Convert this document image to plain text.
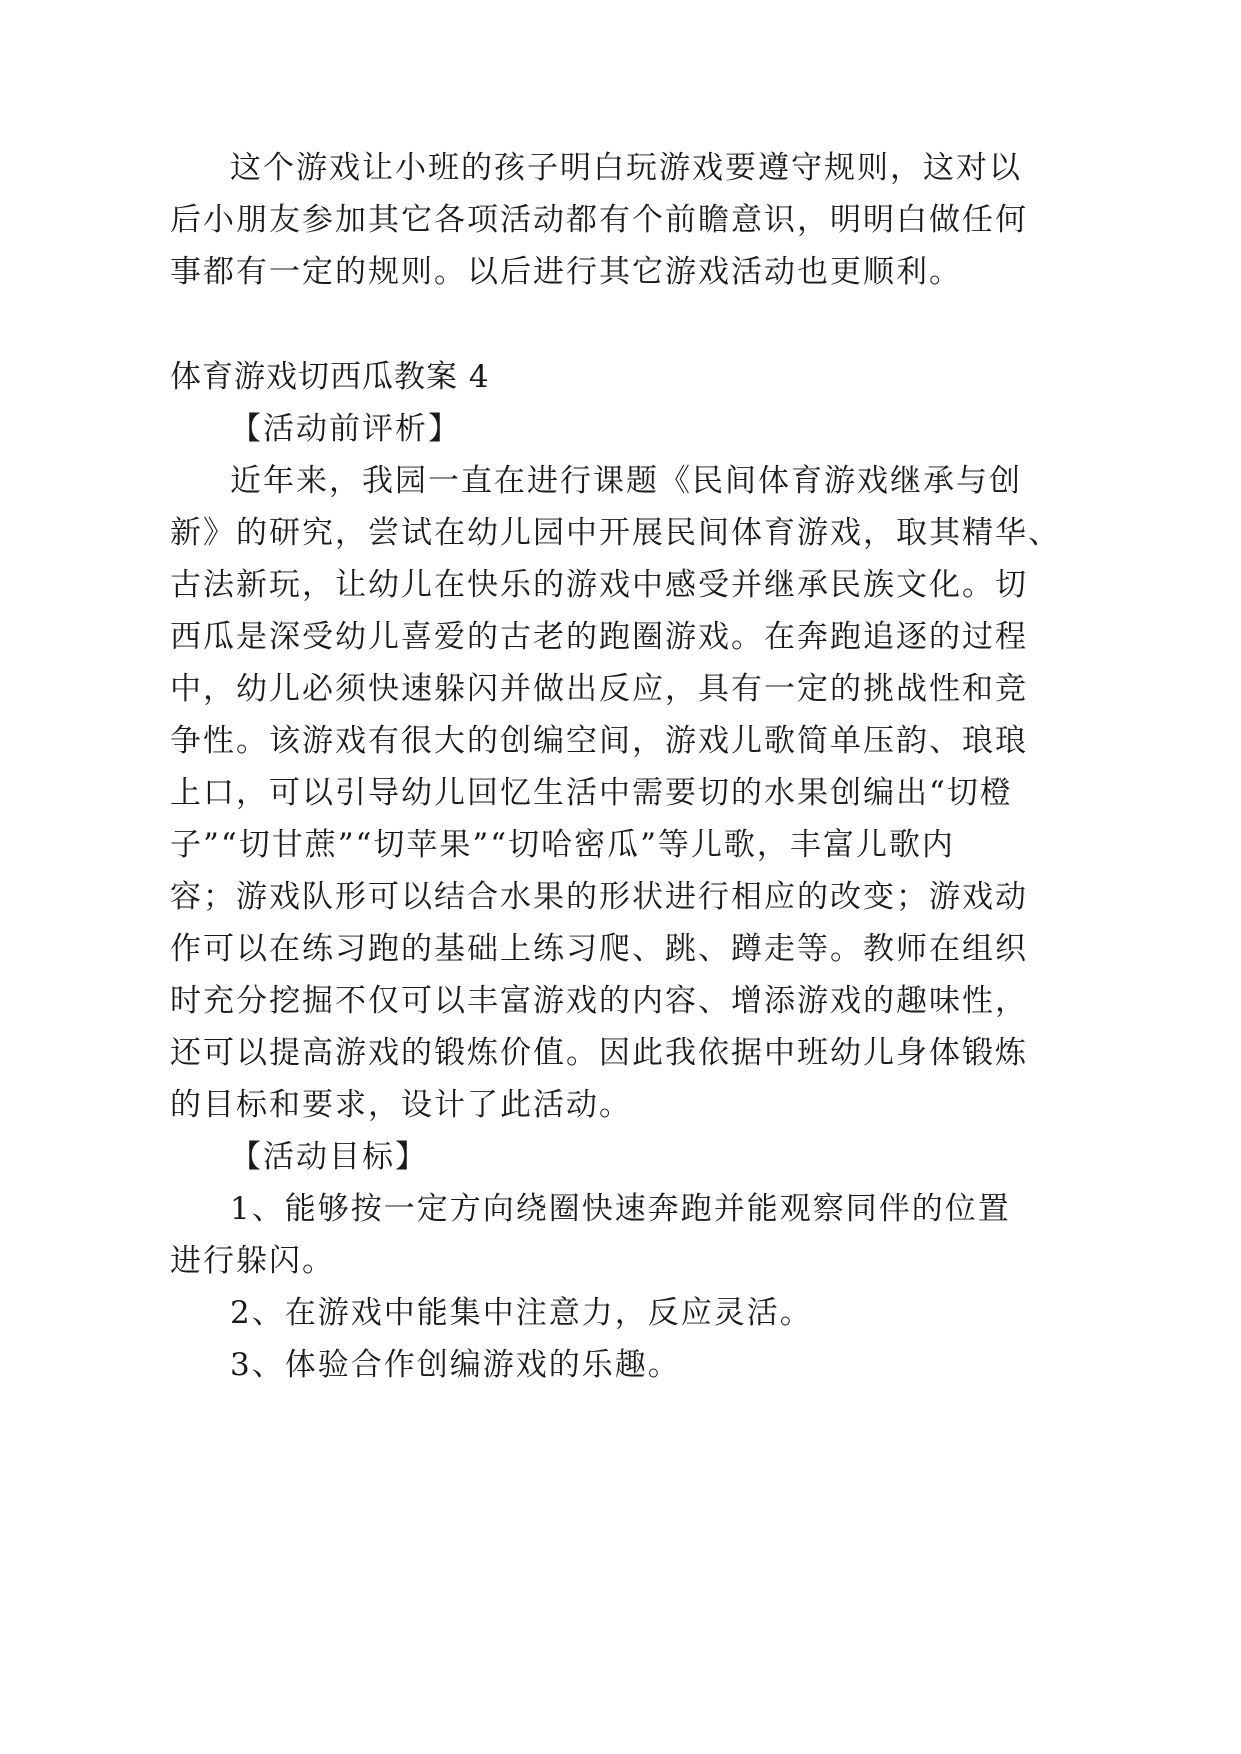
这个游戏让小班的孩子明白玩游戏要遵守规则，这对以
后小朋友参加其它各项活动都有个前瞻意识，明明白做任何
事都有一定的规则。以后进行其它游戏活动也更顺利。
体育游戏切西瓜教案 4
【活动前评析】
近年来，我园一直在进行课题《民间体育游戏继承与创
新》的研究，尝试在幼儿园中开展民间体育游戏，取其精华、
古法新玩，让幼儿在快乐的游戏中感受并继承民族文化。切
西瓜是深受幼儿喜爱的古老的跑圈游戏。在奔跑追逐的过程
中，幼儿必须快速躲闪并做出反应，具有一定的挑战性和竞
争性。该游戏有很大的创编空间，游戏儿歌简单压韵、琅琅
上口，可以引导幼儿回忆生活中需要切的水果创编出“切橙
子”“切甘蔗”“切苹果”“切哈密瓜”等儿歌，丰富儿歌内
容；游戏队形可以结合水果的形状进行相应的改变；游戏动
作可以在练习跑的基础上练习爬、跳、蹲走等。教师在组织
时充分挖掘不仅可以丰富游戏的内容、增添游戏的趣味性，
还可以提高游戏的锻炼价值。因此我依据中班幼儿身体锻炼
的目标和要求，设计了此活动。
【活动目标】
1、能够按一定方向绕圈快速奔跑并能观察同伴的位置
进行躲闪。
2、在游戏中能集中注意力，反应灵活。
3、体验合作创编游戏的乐趣。
